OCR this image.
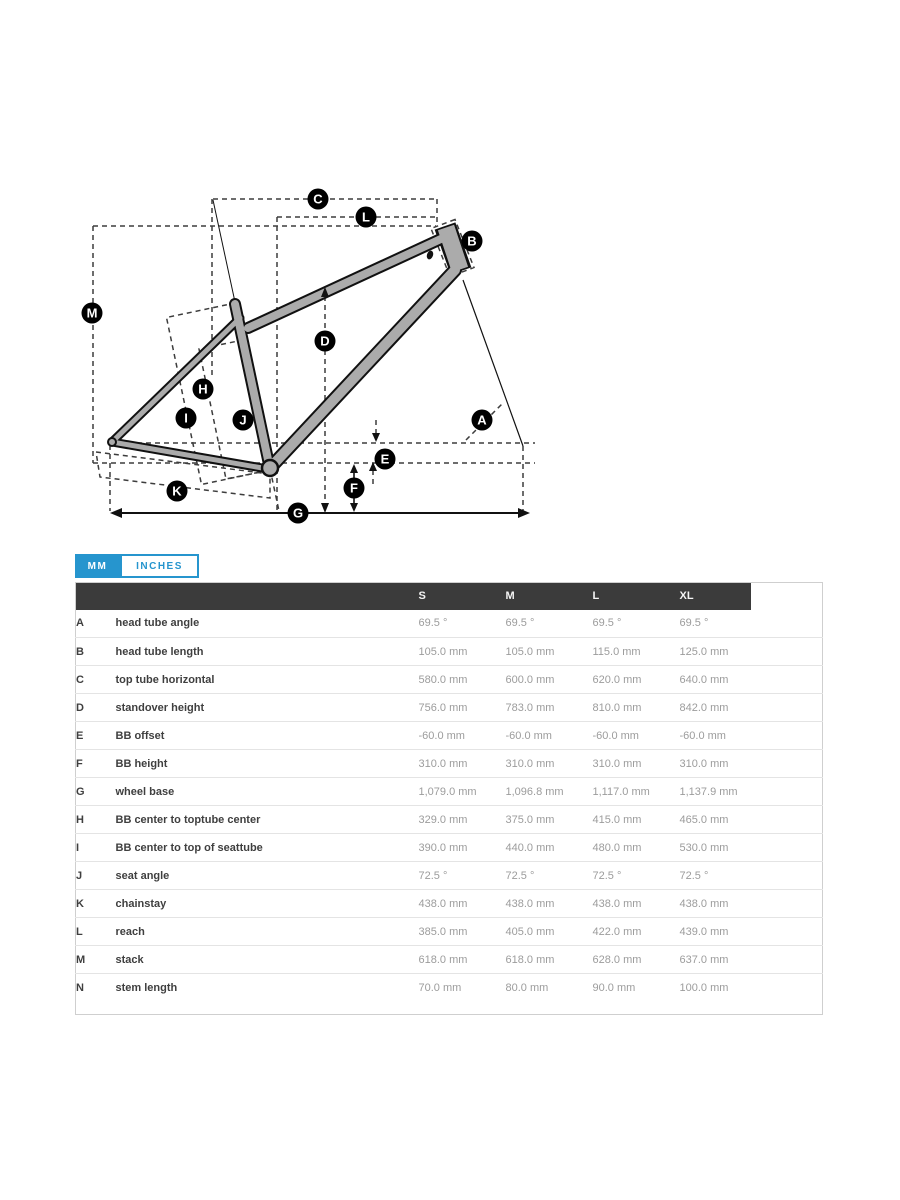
A
B
C
D
E
F
G
H
I	J
K
L
M
MM	INCHES
		S	M	L	XL	
A	head tube angle	69.5 °	69.5 °	69.5 °	69.5 °	
B	head tube length	105.0 mm	105.0 mm	115.0 mm	125.0 mm	
C	top tube horizontal	580.0 mm	600.0 mm	620.0 mm	640.0 mm	
D	standover height	756.0 mm	783.0 mm	810.0 mm	842.0 mm	
E	BB offset	-60.0 mm	-60.0 mm	-60.0 mm	-60.0 mm	
F	BB height	310.0 mm	310.0 mm	310.0 mm	310.0 mm	
G	wheel base	1,079.0 mm	1,096.8 mm	1,117.0 mm	1,137.9 mm	
H	BB center to toptube center	329.0 mm	375.0 mm	415.0 mm	465.0 mm	
I	BB center to top of seattube	390.0 mm	440.0 mm	480.0 mm	530.0 mm	
J	seat angle	72.5 °	72.5 °	72.5 °	72.5 °	
K	chainstay	438.0 mm	438.0 mm	438.0 mm	438.0 mm	
L	reach	385.0 mm	405.0 mm	422.0 mm	439.0 mm	
M	stack	618.0 mm	618.0 mm	628.0 mm	637.0 mm	
N	stem length	70.0 mm	80.0 mm	90.0 mm	100.0 mm	
